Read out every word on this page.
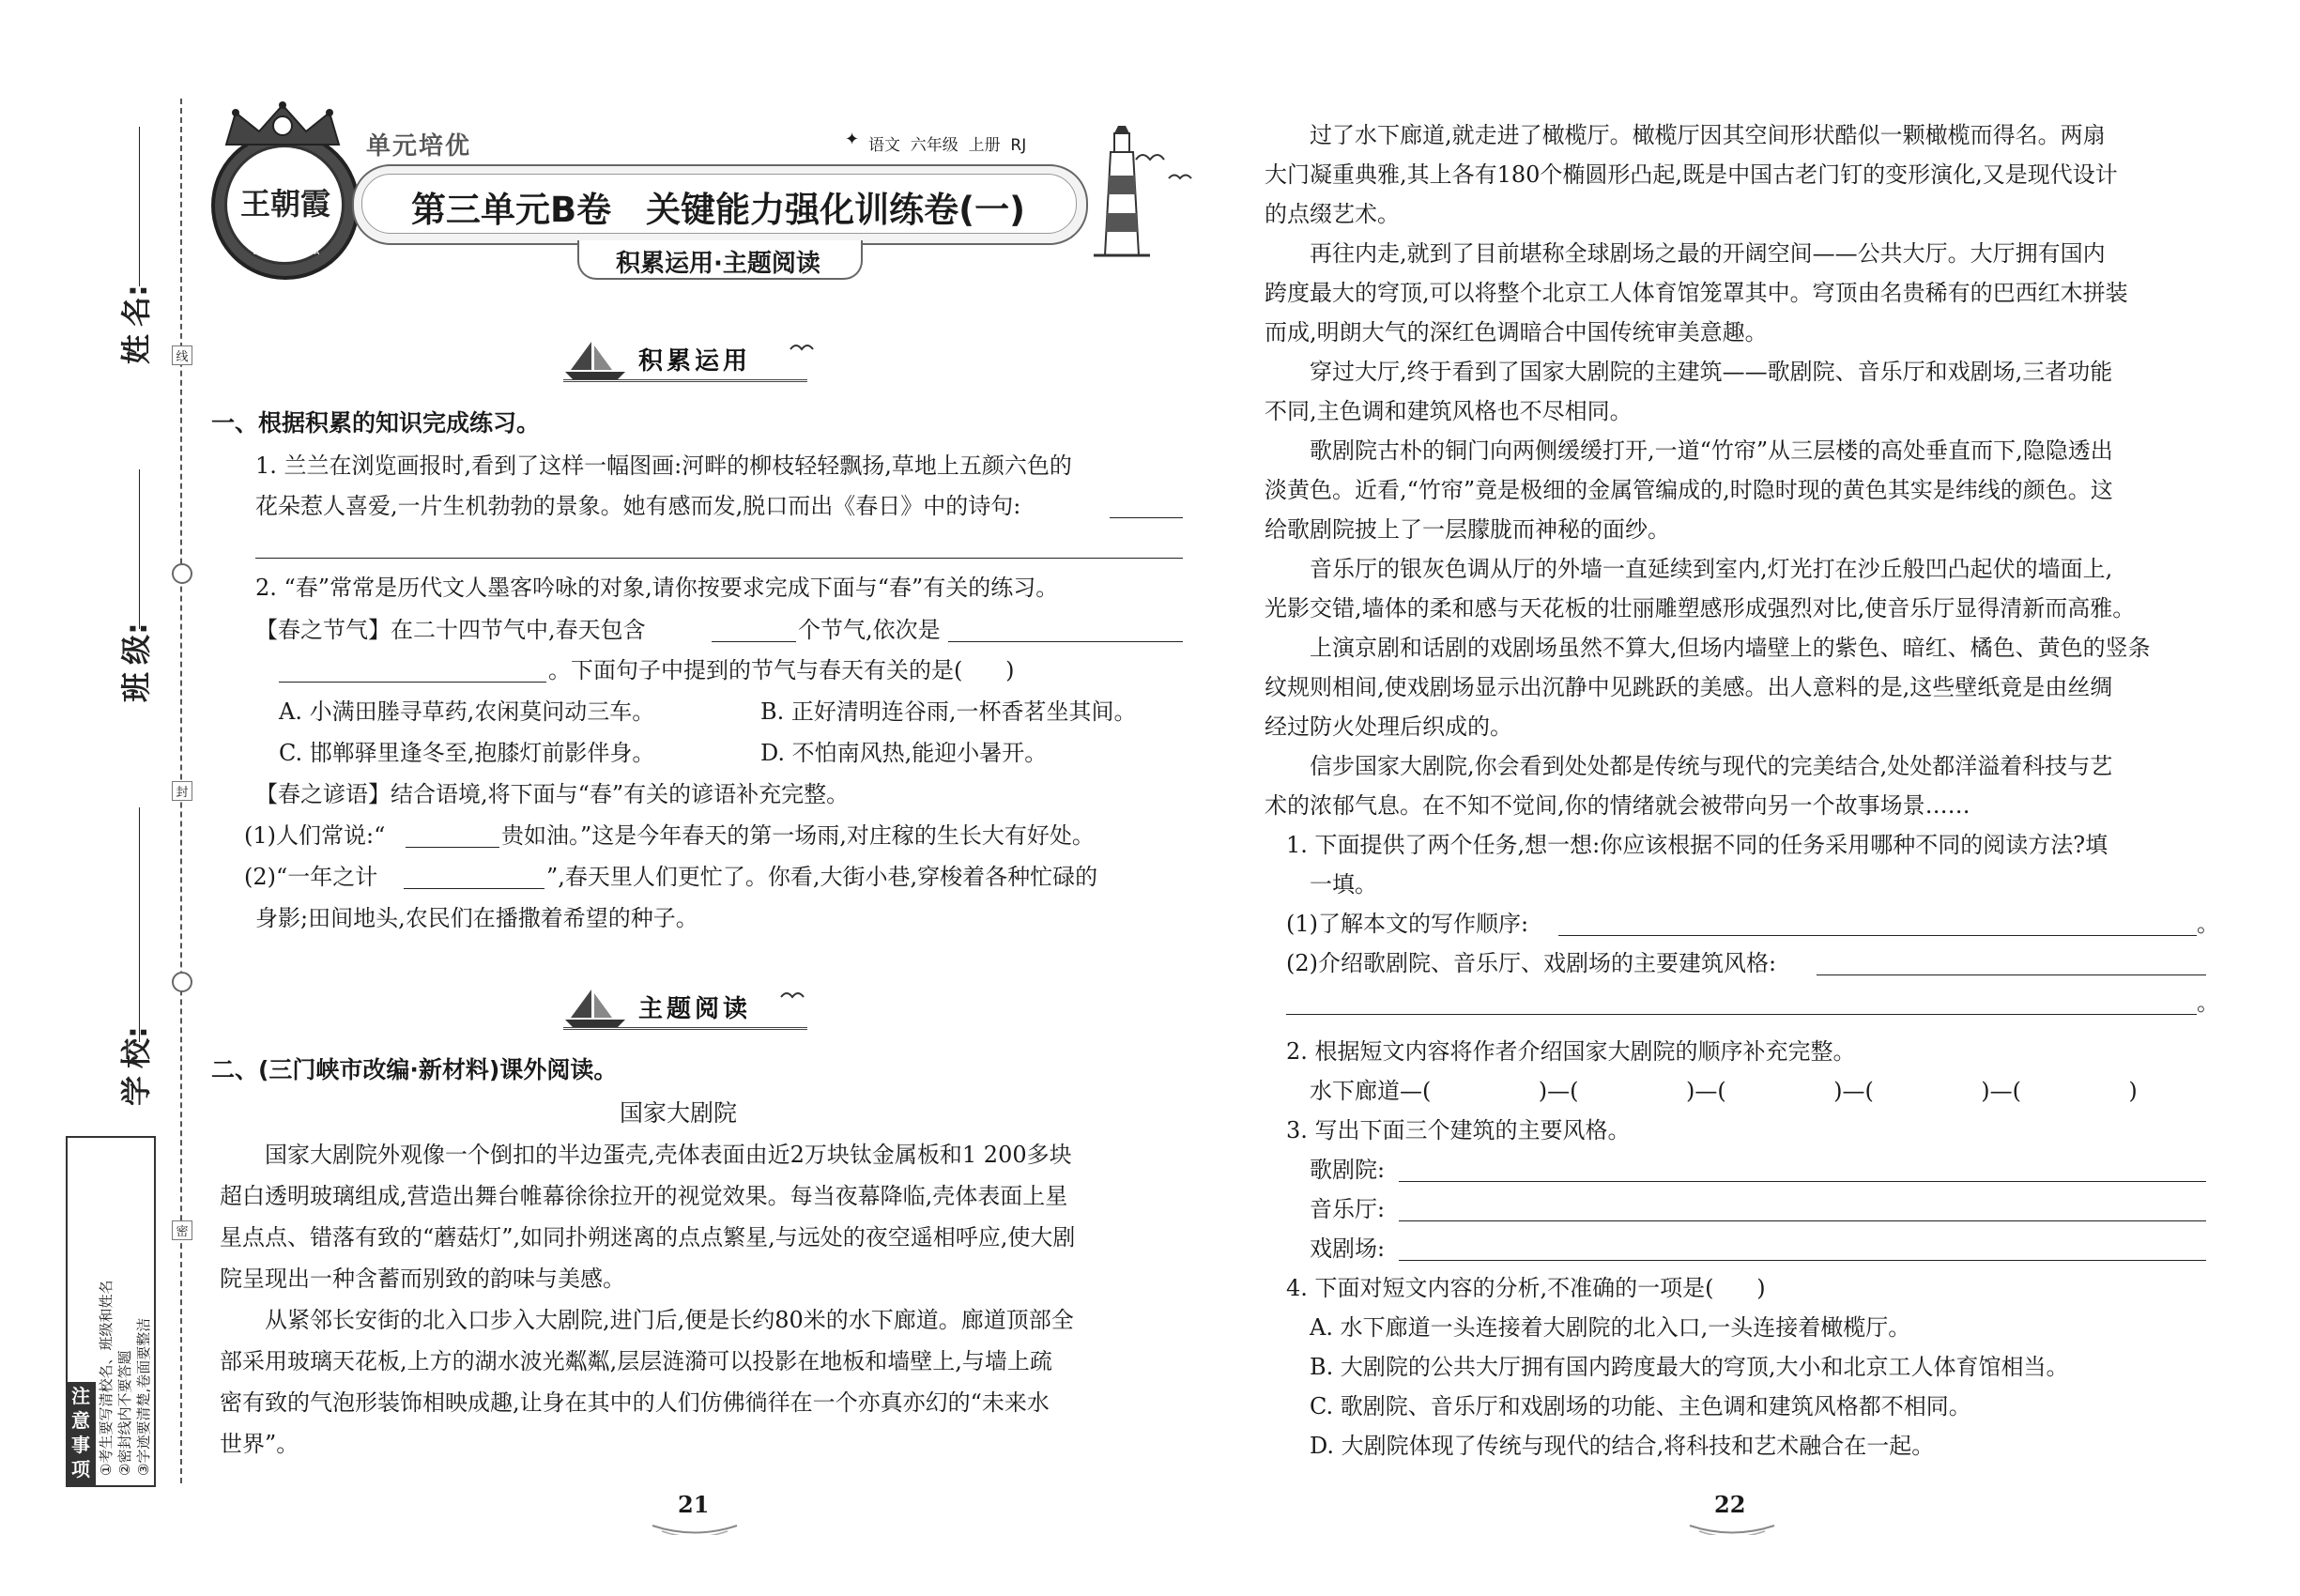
线
封
密
姓
名:
班
级:
学
校:
注意事项 ①考生要写清校名、班级和姓名 ②密封线内不要答题 ③字迹要清楚,卷面要整洁
王朝霞
WANGCHAOXIA
单元培优	✦ 语文  六年级  上册  RJ
第三单元B卷　关键能力强化训练卷(一)
积累运用·主题阅读
积累运用
一、根据积累的知识完成练习。
1. 兰兰在浏览画报时,看到了这样一幅图画:河畔的柳枝轻轻飘扬,草地上五颜六色的
花朵惹人喜爱,一片生机勃勃的景象。她有感而发,脱口而出《春日》中的诗句:
2. “春”常常是历代文人墨客吟咏的对象,请你按要求完成下面与“春”有关的练习。
【春之节气】在二十四节气中,春天包含	个节气,依次是
。下面句子中提到的节气与春天有关的是(      )
A. 小满田塍寻草药,农闲莫问动三车。	B. 正好清明连谷雨,一杯香茗坐其间。
C. 邯郸驿里逢冬至,抱膝灯前影伴身。	D. 不怕南风热,能迎小暑开。
【春之谚语】结合语境,将下面与“春”有关的谚语补充完整。
(1)人们常说:“	贵如油。”这是今年春天的第一场雨,对庄稼的生长大有好处。
(2)“一年之计	”,春天里人们更忙了。你看,大街小巷,穿梭着各种忙碌的
身影;田间地头,农民们在播撒着希望的种子。
主题阅读
二、(三门峡市改编·新材料)课外阅读。
国家大剧院
国家大剧院外观像一个倒扣的半边蛋壳,壳体表面由近2万块钛金属板和1 200多块
超白透明玻璃组成,营造出舞台帷幕徐徐拉开的视觉效果。每当夜幕降临,壳体表面上星
星点点、错落有致的“蘑菇灯”,如同扑朔迷离的点点繁星,与远处的夜空遥相呼应,使大剧
院呈现出一种含蓄而别致的韵味与美感。
从紧邻长安街的北入口步入大剧院,进门后,便是长约80米的水下廊道。廊道顶部全
部采用玻璃天花板,上方的湖水波光粼粼,层层涟漪可以投影在地板和墙壁上,与墙上疏
密有致的气泡形装饰相映成趣,让身在其中的人们仿佛徜徉在一个亦真亦幻的“未来水
世界”。
21
过了水下廊道,就走进了橄榄厅。橄榄厅因其空间形状酷似一颗橄榄而得名。两扇
大门凝重典雅,其上各有180个椭圆形凸起,既是中国古老门钉的变形演化,又是现代设计
的点缀艺术。
再往内走,就到了目前堪称全球剧场之最的开阔空间——公共大厅。大厅拥有国内
跨度最大的穹顶,可以将整个北京工人体育馆笼罩其中。穹顶由名贵稀有的巴西红木拼装
而成,明朗大气的深红色调暗合中国传统审美意趣。
穿过大厅,终于看到了国家大剧院的主建筑——歌剧院、音乐厅和戏剧场,三者功能
不同,主色调和建筑风格也不尽相同。
歌剧院古朴的铜门向两侧缓缓打开,一道“竹帘”从三层楼的高处垂直而下,隐隐透出
淡黄色。近看,“竹帘”竟是极细的金属管编成的,时隐时现的黄色其实是纬线的颜色。这
给歌剧院披上了一层朦胧而神秘的面纱。
音乐厅的银灰色调从厅的外墙一直延续到室内,灯光打在沙丘般凹凸起伏的墙面上,
光影交错,墙体的柔和感与天花板的壮丽雕塑感形成强烈对比,使音乐厅显得清新而高雅。
上演京剧和话剧的戏剧场虽然不算大,但场内墙壁上的紫色、暗红、橘色、黄色的竖条
纹规则相间,使戏剧场显示出沉静中见跳跃的美感。出人意料的是,这些壁纸竟是由丝绸
经过防火处理后织成的。
信步国家大剧院,你会看到处处都是传统与现代的完美结合,处处都洋溢着科技与艺
术的浓郁气息。在不知不觉间,你的情绪就会被带向另一个故事场景……
1. 下面提供了两个任务,想一想:你应该根据不同的任务采用哪种不同的阅读方法?填
一填。
(1)了解本文的写作顺序:	。
(2)介绍歌剧院、音乐厅、戏剧场的主要建筑风格:
。
2. 根据短文内容将作者介绍国家大剧院的顺序补充完整。
水下廊道—(               )—(               )—(               )—(               )—(               )
3. 写出下面三个建筑的主要风格。
歌剧院:
音乐厅:
戏剧场:
4. 下面对短文内容的分析,不准确的一项是(      )
A. 水下廊道一头连接着大剧院的北入口,一头连接着橄榄厅。
B. 大剧院的公共大厅拥有国内跨度最大的穹顶,大小和北京工人体育馆相当。
C. 歌剧院、音乐厅和戏剧场的功能、主色调和建筑风格都不相同。
D. 大剧院体现了传统与现代的结合,将科技和艺术融合在一起。
22
